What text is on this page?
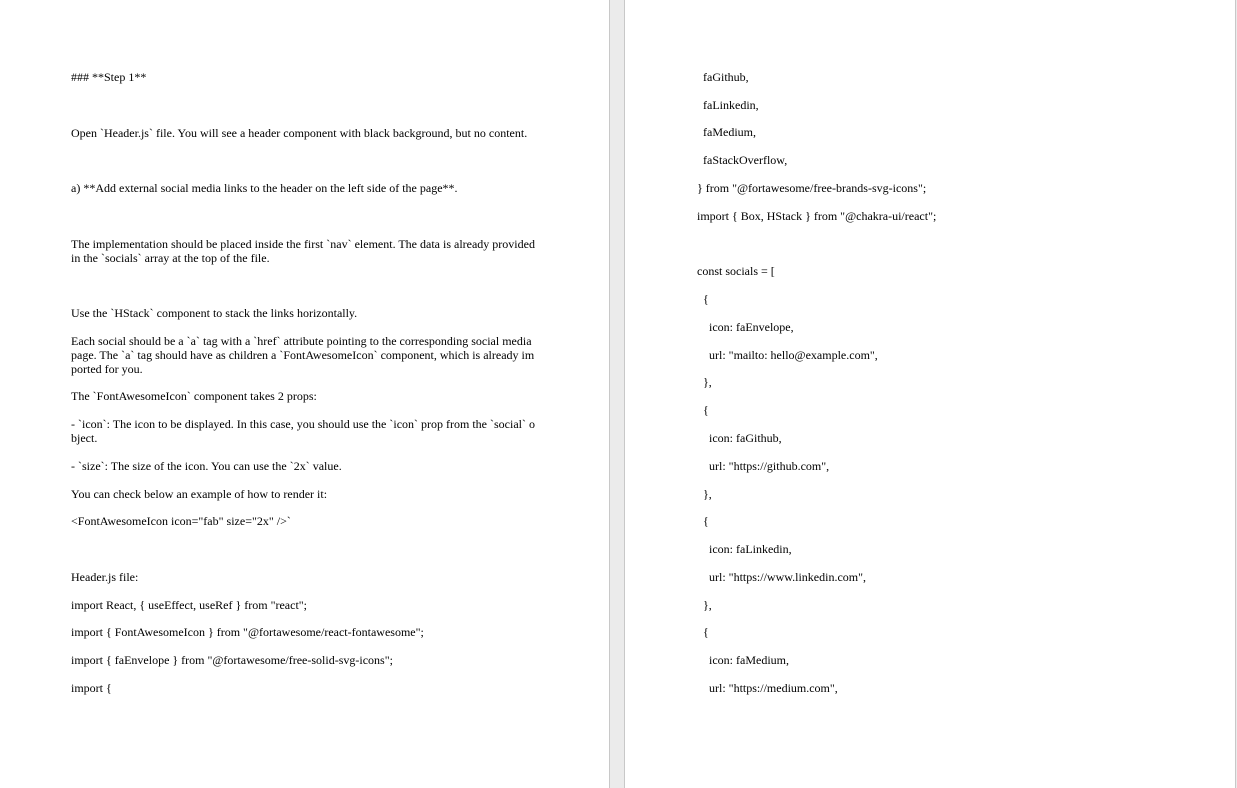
### **Step 1**
Open `Header.js` file. You will see a header component with black background, but no content.
a) **Add external social media links to the header on the left side of the page**.
The implementation should be placed inside the first `nav` element. The data is already provided
in the `socials` array at the top of the file.
Use the `HStack` component to stack the links horizontally.
Each social should be a `a` tag with a `href` attribute pointing to the corresponding social media
page. The `a` tag should have as children a `FontAwesomeIcon` component, which is already im
ported for you.
The `FontAwesomeIcon` component takes 2 props:
- `icon`: The icon to be displayed. In this case, you should use the `icon` prop from the `social` o
bject.
- `size`: The size of the icon. You can use the `2x` value.
You can check below an example of how to render it:
<FontAwesomeIcon icon="fab" size="2x" />`
Header.js file:
import React, { useEffect, useRef } from "react";
import { FontAwesomeIcon } from "@fortawesome/react-fontawesome";
import { faEnvelope } from "@fortawesome/free-solid-svg-icons";
import {
faGithub,
faLinkedin,
faMedium,
faStackOverflow,
} from "@fortawesome/free-brands-svg-icons";
import { Box, HStack } from "@chakra-ui/react";
const socials = [
{
icon: faEnvelope,
url: "mailto: hello@example.com",
},
{
icon: faGithub,
url: "https://github.com",
},
{
icon: faLinkedin,
url: "https://www.linkedin.com",
},
{
icon: faMedium,
url: "https://medium.com",
